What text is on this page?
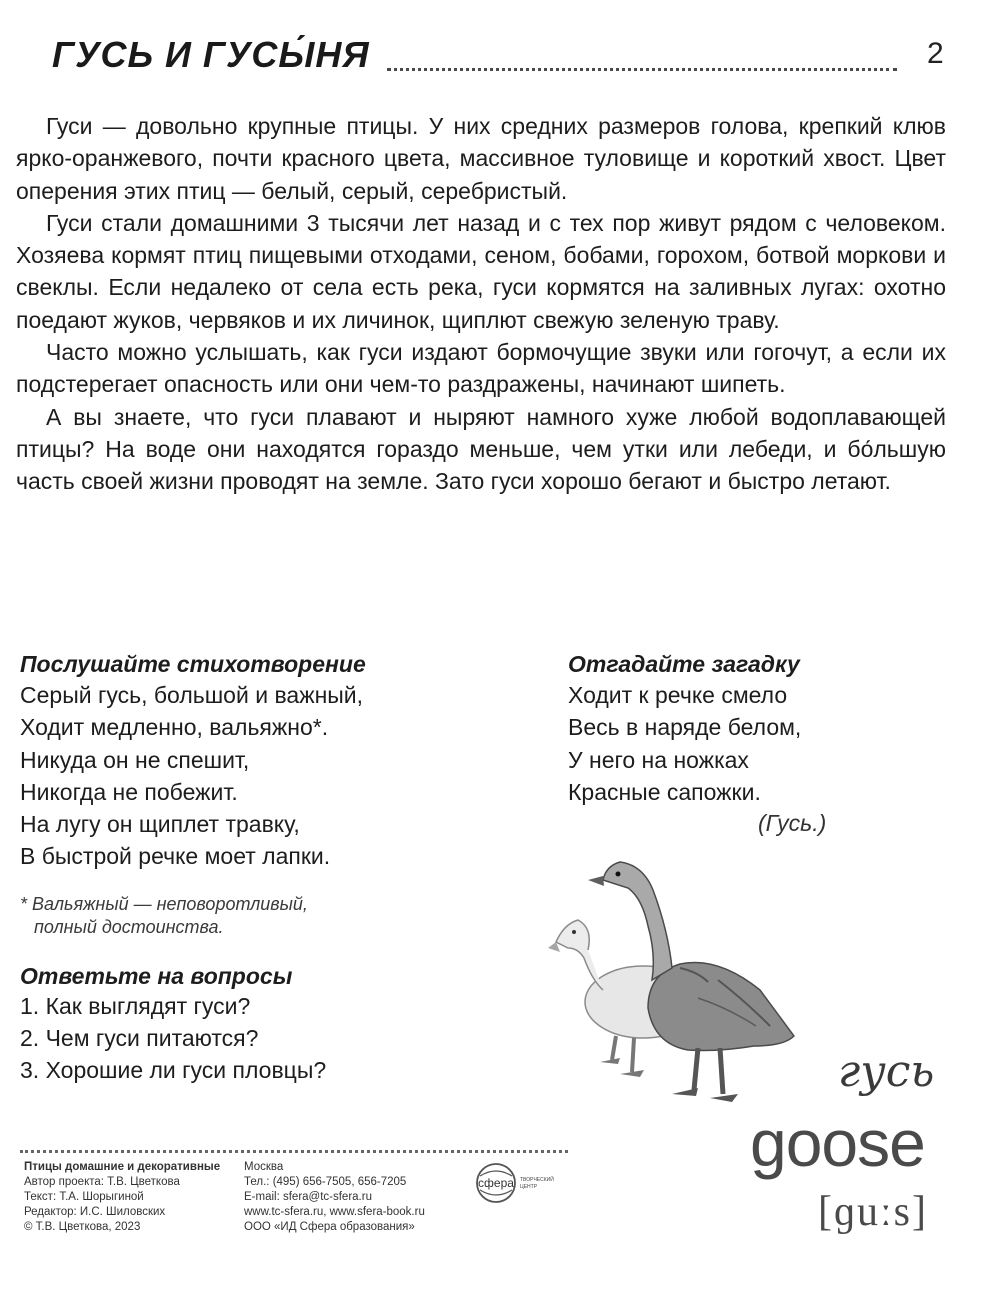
ГУСЬ И ГУСЫ́НЯ	2

Гуси — довольно крупные птицы. У них средних размеров голова, крепкий клюв ярко-оранжевого, почти красного цвета, массивное туловище и короткий хвост. Цвет оперения этих птиц — белый, серый, серебристый.

Гуси стали домашними 3 тысячи лет назад и с тех пор живут рядом с человеком. Хозяева кормят птиц пищевыми отходами, сеном, бобами, горохом, ботвой моркови и свеклы. Если недалеко от села есть река, гуси кормятся на заливных лугах: охотно поедают жуков, червяков и их личинок, щиплют свежую зеленую траву.

Часто можно услышать, как гуси издают бормочущие звуки или гогочут, а если их подстерегает опасность или они чем-то раздражены, начинают шипеть.

А вы знаете, что гуси плавают и ныряют намного хуже любой водоплавающей птицы? На воде они находятся гораздо меньше, чем утки или лебеди, и бо́льшую часть своей жизни проводят на земле. Зато гуси хорошо бегают и быстро летают.

Послушайте стихотворение
Серый гусь, большой и важный,
Ходит медленно, вальяжно*.
Никуда он не спешит,
Никогда не побежит.
На лугу он щиплет травку,
В быстрой речке моет лапки.
* Вальяжный — неповоротливый,
полный достоинства.
Ответьте на вопросы
1. Как выглядят гуси?
2. Чем гуси питаются?
3. Хорошие ли гуси пловцы?
Отгадайте загадку
Ходит к речке смело
Весь в наряде белом,
У него на ножках
Красные сапожки.
(Гусь.)
гусь
goose
[ɡuːs]
Птицы домашние и декоративные
Автор проекта: Т.В. Цветкова
Текст: Т.А. Шорыгиной
Редактор: И.С. Шиловских
© Т.В. Цветкова, 2023
Москва
Тел.: (495) 656-7505, 656-7205
E-mail: sfera@tc-sfera.ru
www.tc-sfera.ru, www.sfera-book.ru
ООО «ИД Сфера образования»
сфера ТВОРЧЕСКИЙ
ЦЕНТР
